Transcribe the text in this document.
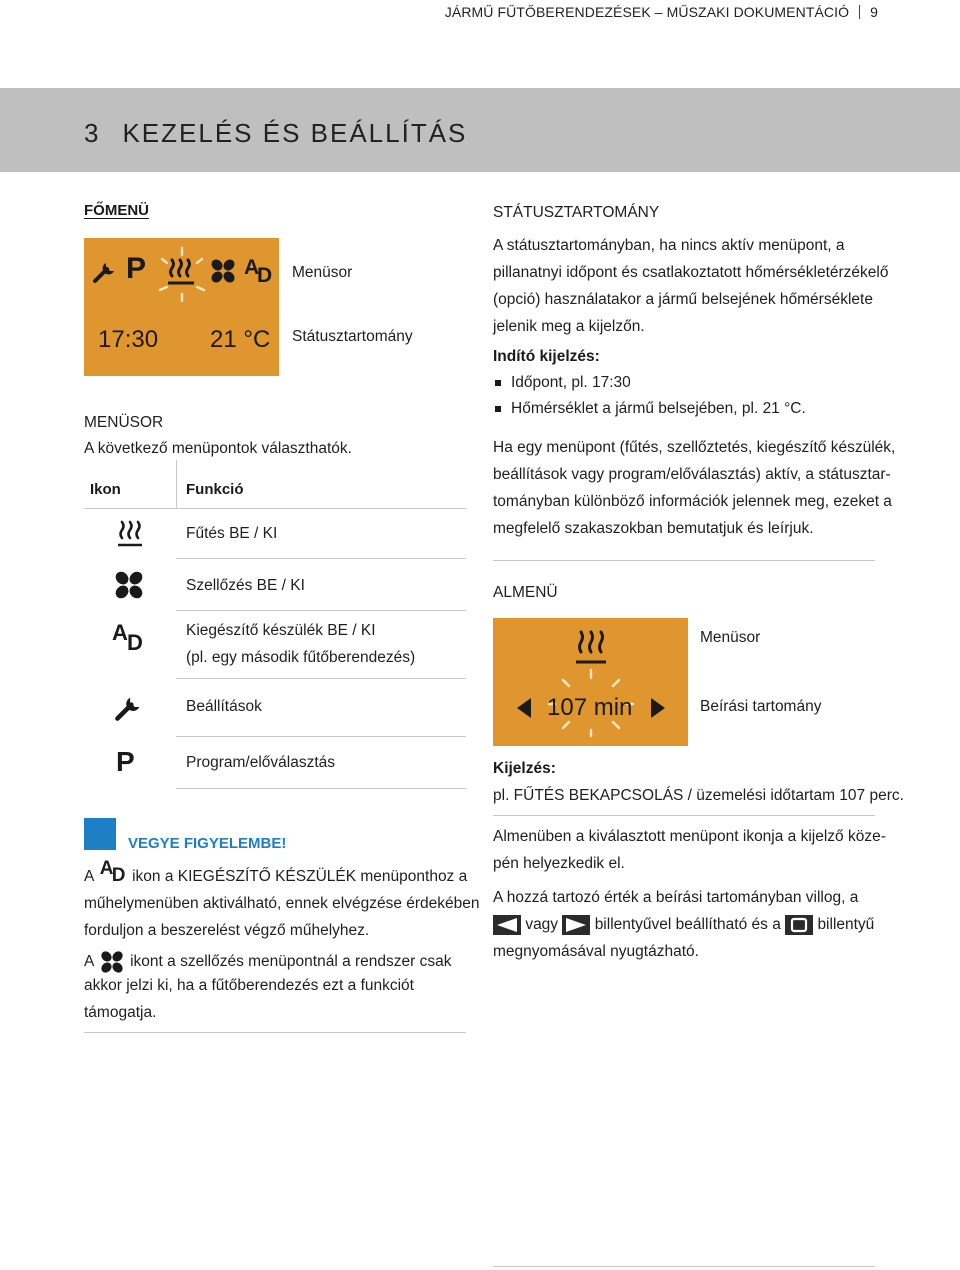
JÁRMŰ FŰTŐBERENDEZÉSEK – MŰSZAKI DOKUMENTÁCIÓ 9
3 KEZELÉS ÉS BEÁLLÍTÁS
FŐMENÜ
P	A
D
17:30 21 °C
Menüsor
Státusztartomány
MENÜSOR
A következő menüpontok választhatók.
Ikon	Funkció
Fűtés BE / KI
Szellőzés BE / KI
A D	Kiegészítő készülék BE / KI
(pl. egy második fűtőberendezés)
Beállítások
P	Program/előválasztás
VEGYE FIGYELEMBE!
A A
D ikon a KIEGÉSZÍTŐ KÉSZÜLÉK menüponthoz a
műhelymenüben aktiválható, ennek elvégzése érdekében
forduljon a beszerelést végző műhelyhez.
A ikont a szellőzés menüpontnál a rendszer csak
akkor jelzi ki, ha a fűtőberendezés ezt a funkciót
támogatja.
STÁTUSZTARTOMÁNY
A státusztartományban, ha nincs aktív menüpont, a
pillanatnyi időpont és csatlakoztatott hőmérsékletérzékelő
(opció) használatakor a jármű belsejének hőmérséklete
jelenik meg a kijelzőn.
Indító kijelzés:
Időpont, pl. 17:30
Hőmérséklet a jármű belsejében, pl. 21 °C.
Ha egy menüpont (fűtés, szellőztetés, kiegészítő készülék,
beállítások vagy program/előválasztás) aktív, a státusztar-
tományban különböző információk jelennek meg, ezeket a
megfelelő szakaszokban bemutatjuk és leírjuk.
ALMENÜ
107 min
Menüsor
Beírási tartomány
Kijelzés:
pl. FŰTÉS BEKAPCSOLÁS / üzemelési időtartam 107 perc.
Almenüben a kiválasztott menüpont ikonja a kijelző köze-
pén helyezkedik el.
A hozzá tartozó érték a beírási tartományban villog, a
vagy billentyűvel beállítható és a billentyű
megnyomásával nyugtázható.
